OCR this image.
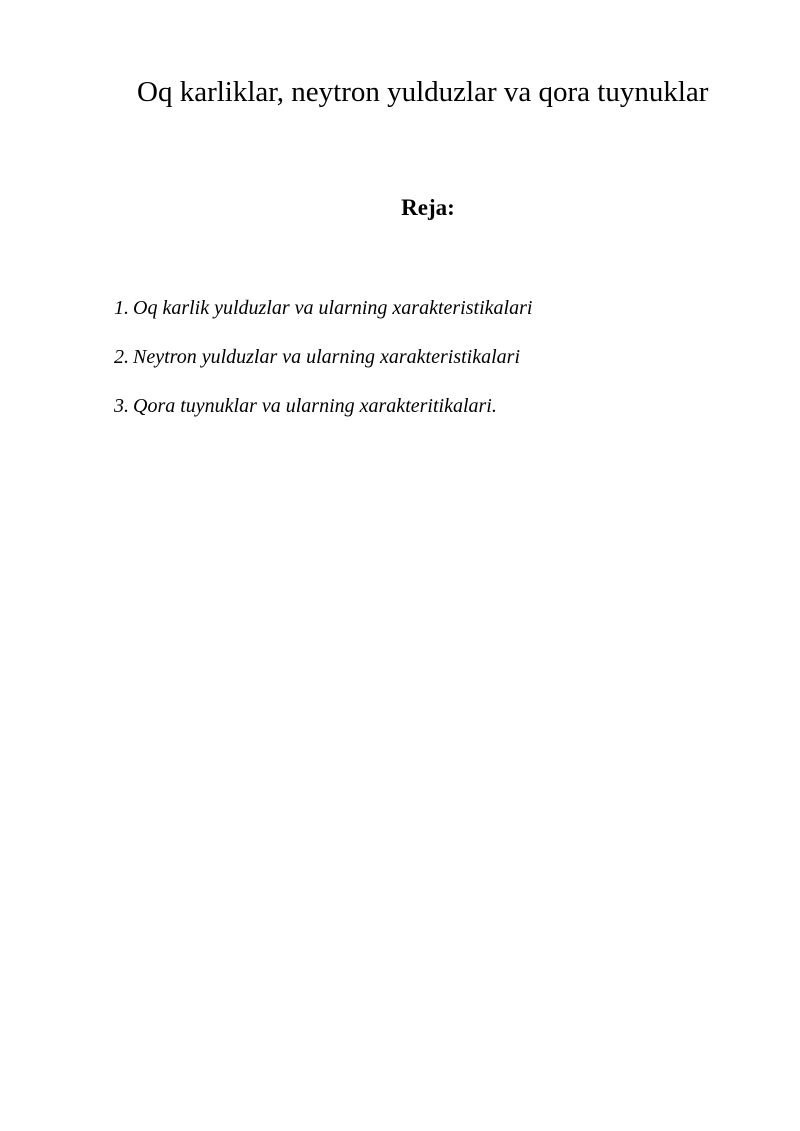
Oq karliklar, neytron yulduzlar va qora tuynuklar
Reja:
1. Oq karlik yulduzlar va ularning xarakteristikalari
2. Neytron yulduzlar va ularning xarakteristikalari
3. Qora tuynuklar va ularning xarakteritikalari.
